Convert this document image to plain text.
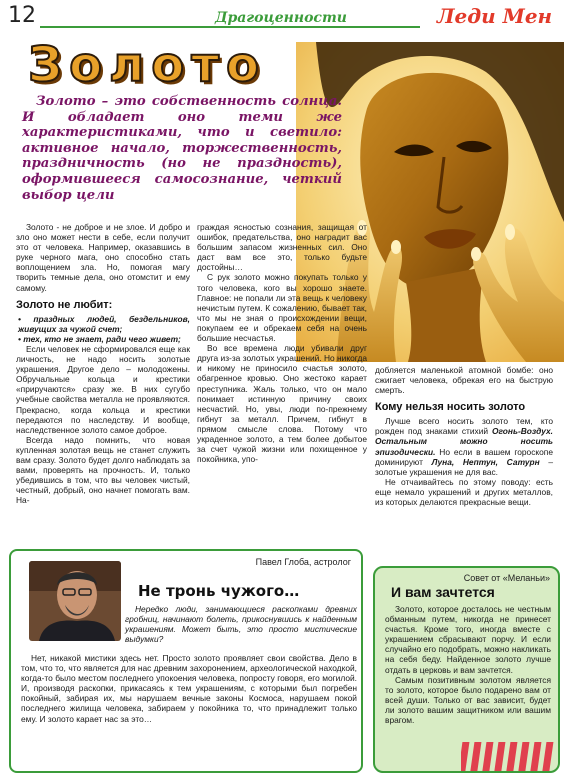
12	Драгоценности	Леди Мен
Золото
Золото – это собственность солнца. И обладает оно теми же характеристиками, что и светило: активное начало, торжественность, праздничность (но не праздность), оформившееся самосознание, четкий выбор цели

Золото - не доброе и не злое. И добро и зло оно может нести в себе, если получит это от человека. Например, оказавшись в руке черного мага, оно способно стать воплощением зла. Но, помогая магу творить темные дела, оно отомстит и ему самому.

Золото не любит:
• праздных людей, бездельников, живущих за чужой счет;
• тех, кто не знает, ради чего живет;

Если человек не сформировался еще как личность, не надо носить золотые украшения. Другое дело – молодожены. Обручальные кольца и крестики «приручаются» сразу же. В них сугубо учебные свойства металла не проявляются. Прекрасно, когда кольца и крестики передаются по наследству. И вообще, наследственное золото самое доброе.

Всегда надо помнить, что новая купленная золотая вещь не станет служить вам сразу. Золото будет долго наблюдать за вами, проверять на прочность. И, только убедившись в том, что вы человек чистый, честный, добрый, оно начнет помогать вам. На-

граждая ясностью сознания, защищая от ошибок, предательства, оно наградит вас большим запасом жизненных сил. Оно даст вам все это, только будьте достойны…

С рук золото можно покупать только у того человека, кого вы хорошо знаете. Главное: не попали ли эта вещь к человеку нечистым путем. К сожалению, бывает так, что мы не зная о происхождении вещи, покупаем ее и обрекаем себя на очень большие несчастья.

Во все времена люди убивали друг друга из-за золотых украшений. Но никогда и никому не приносило счастья золото, обагренное кровью. Оно жестоко карает преступника. Жаль только, что он мало понимает истинную причину своих несчастий. Но, увы, люди по-прежнему гибнут за металл. Причем, гибнут в прямом смысле слова. Потому что украденное золото, а тем более добытое за счет чужой жизни или похищенное у покойника, упо-

добляется маленькой атомной бомбе: оно сжигает человека, обрекая его на быструю смерть.

Кому нельзя носить золото

Лучше всего носить золото тем, кто рожден под знаками стихий Огонь-Воздух. Остальным можно носить эпизодически. Но если в вашем гороскопе доминируют Луна, Нептун, Сатурн – золотые украшения не для вас.

Не отчаивайтесь по этому поводу: есть еще немало украшений и других металлов, из которых делаются прекрасные вещи.

Павел Глоба, астролог
Не тронь чужого…
Нередко люди, занимающиеся раскопками древних гробниц, начинают болеть, прикоснувшись к найденным украшениям. Может быть, это просто мистические выдумки?
Нет, никакой мистики здесь нет. Просто золото проявляет свои свойства. Дело в том, что то, что является для нас древним захоронением, археологической находкой, когда-то было местом последнего упокоения человека, попросту говоря, его могилой. И, производя раскопки, прикасаясь к тем украшениям, с которыми был погребен покойный, забирая их, мы нарушаем вечные законы Космоса, нарушаем покой последнего жилища человека, забираем у покойника то, что принадлежит только ему. И золото карает нас за это…
Совет от «Меланьи»
И вам зачтется

Золото, которое досталось не честным обманным путем, никогда не принесет счастья. Кроме того, иногда вместе с украшением сбрасывают порчу. И если случайно его подобрать, можно накликать на себя беду. Найденное золото лучше отдать в церковь и вам зачтется.

Самым позитивным золотом является то золото, которое было подарено вам от всей души. Только от вас зависит, будет ли золото вашим защитником или вашим врагом.
